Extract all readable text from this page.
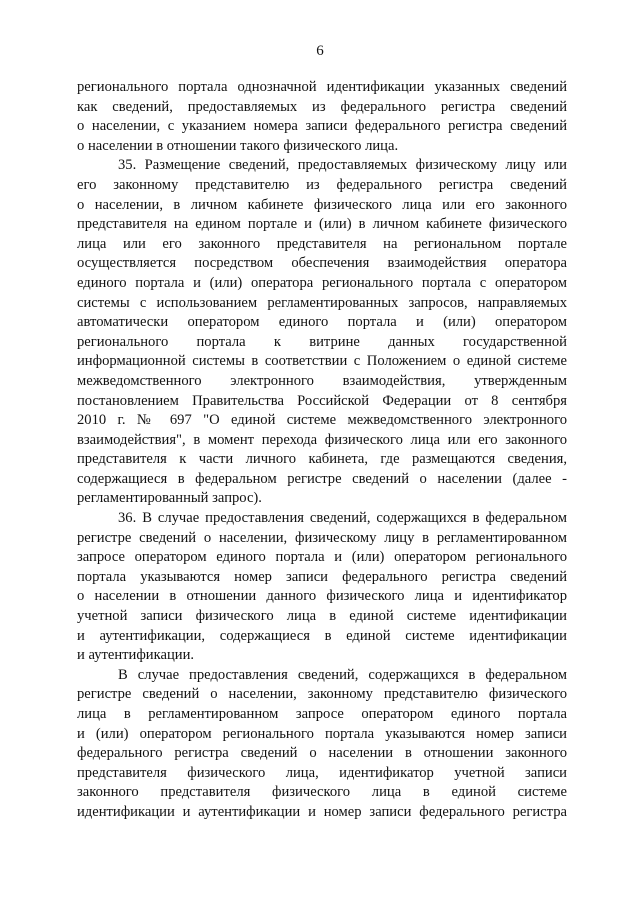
6
регионального портала однозначной идентификации указанных сведений
как сведений, предоставляемых из федерального регистра сведений
о населении, с указанием номера записи федерального регистра сведений
о населении в отношении такого физического лица.
35. Размещение сведений, предоставляемых физическому лицу или
его законному представителю из федерального регистра сведений
о населении, в личном кабинете физического лица или его законного
представителя на едином портале и (или) в личном кабинете физического
лица или его законного представителя на региональном портале
осуществляется посредством обеспечения взаимодействия оператора
единого портала и (или) оператора регионального портала с оператором
системы с использованием регламентированных запросов, направляемых
автоматически оператором единого портала и (или) оператором
регионального портала к витрине данных государственной
информационной системы в соответствии с Положением о единой системе
межведомственного электронного взаимодействия, утвержденным
постановлением Правительства Российской Федерации от 8 сентября
2010 г. № 697 "О единой системе межведомственного электронного
взаимодействия", в момент перехода физического лица или его законного
представителя к части личного кабинета, где размещаются сведения,
содержащиеся в федеральном регистре сведений о населении (далее -
регламентированный запрос).
36. В случае предоставления сведений, содержащихся в федеральном
регистре сведений о населении, физическому лицу в регламентированном
запросе оператором единого портала и (или) оператором регионального
портала указываются номер записи федерального регистра сведений
о населении в отношении данного физического лица и идентификатор
учетной записи физического лица в единой системе идентификации
и аутентификации, содержащиеся в единой системе идентификации
и аутентификации.
В случае предоставления сведений, содержащихся в федеральном
регистре сведений о населении, законному представителю физического
лица в регламентированном запросе оператором единого портала
и (или) оператором регионального портала указываются номер записи
федерального регистра сведений о населении в отношении законного
представителя физического лица, идентификатор учетной записи
законного представителя физического лица в единой системе
идентификации и аутентификации и номер записи федерального регистра
